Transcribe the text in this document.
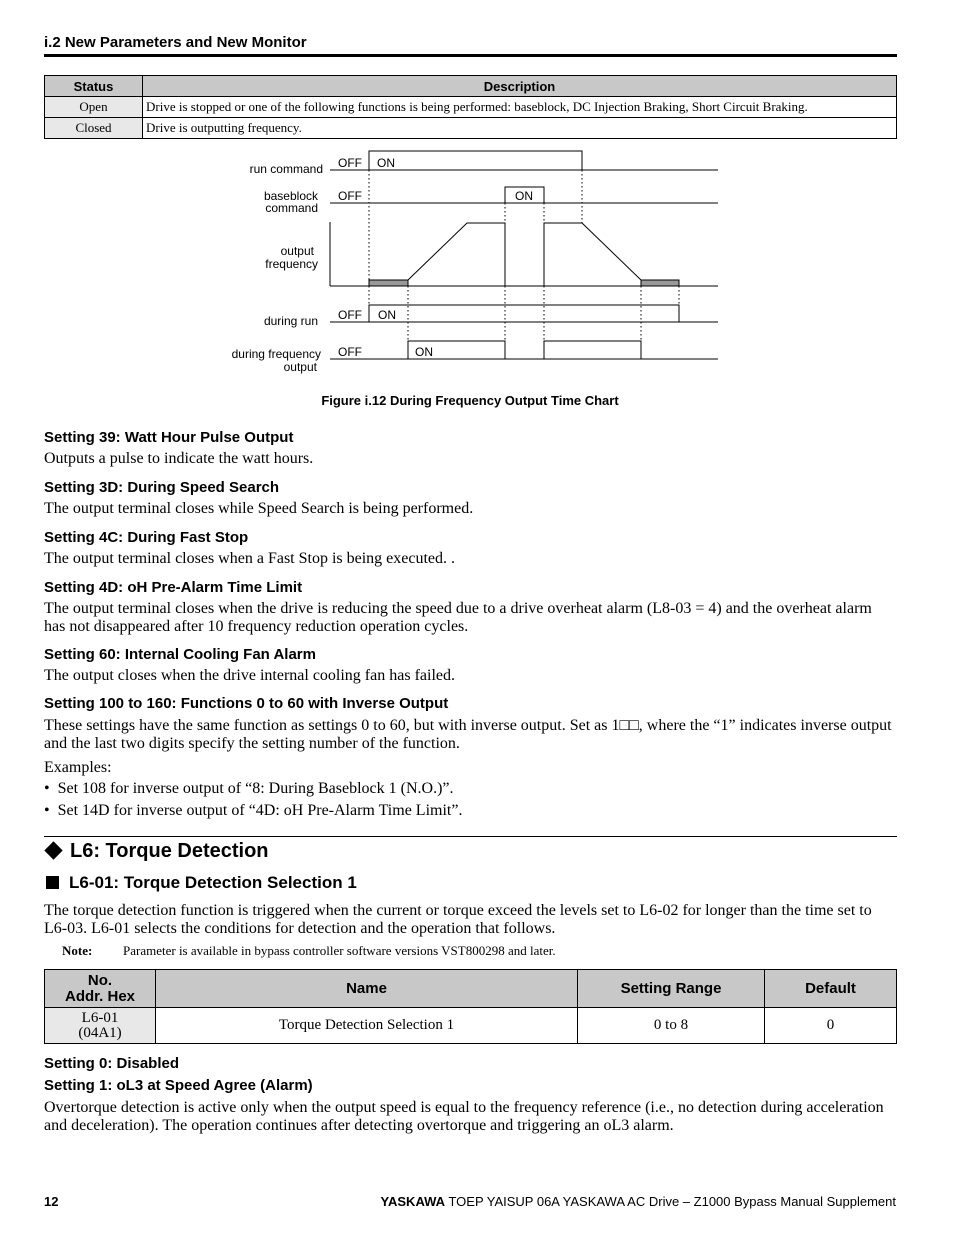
i.2 New Parameters and New Monitor
Status	Description
Open	Drive is stopped or one of the following functions is being performed: baseblock, DC Injection Braking, Short Circuit Braking.
Closed	Drive is outputting frequency.
run command
baseblock
command
output
frequency
during run
during frequency
output
OFF ON
OFF	ON
OFF ON
OFF	ON
Figure i.12 During Frequency Output Time Chart
Setting 39: Watt Hour Pulse Output
Outputs a pulse to indicate the watt hours.
Setting 3D: During Speed Search
The output terminal closes while Speed Search is being performed.
Setting 4C: During Fast Stop
The output terminal closes when a Fast Stop is being executed. .
Setting 4D: oH Pre-Alarm Time Limit
The output terminal closes when the drive is reducing the speed due to a drive overheat alarm (L8-03 = 4) and the overheat alarm has not disappeared after 10 frequency reduction operation cycles.
Setting 60: Internal Cooling Fan Alarm
The output closes when the drive internal cooling fan has failed.
Setting 100 to 160: Functions 0 to 60 with Inverse Output
These settings have the same function as settings 0 to 60, but with inverse output. Set as 1□□, where the “1” indicates inverse output and the last two digits specify the setting number of the function.
Examples:
•  Set 108 for inverse output of “8: During Baseblock 1 (N.O.)”.
•  Set 14D for inverse output of “4D: oH Pre-Alarm Time Limit”.
L6: Torque Detection
L6-01: Torque Detection Selection 1
The torque detection function is triggered when the current or torque exceed the levels set to L6-02 for longer than the time set to L6-03. L6-01 selects the conditions for detection and the operation that follows.
Note: Parameter is available in bypass controller software versions VST800298 and later.
No.
Addr. Hex	Name	Setting Range	Default
L6-01
(04A1)	Torque Detection Selection 1	0 to 8	0
Setting 0: Disabled
Setting 1: oL3 at Speed Agree (Alarm)
Overtorque detection is active only when the output speed is equal to the frequency reference (i.e., no detection during acceleration and deceleration). The operation continues after detecting overtorque and triggering an oL3 alarm.
12	YASKAWA TOEP YAISUP 06A YASKAWA AC Drive – Z1000 Bypass Manual Supplement
